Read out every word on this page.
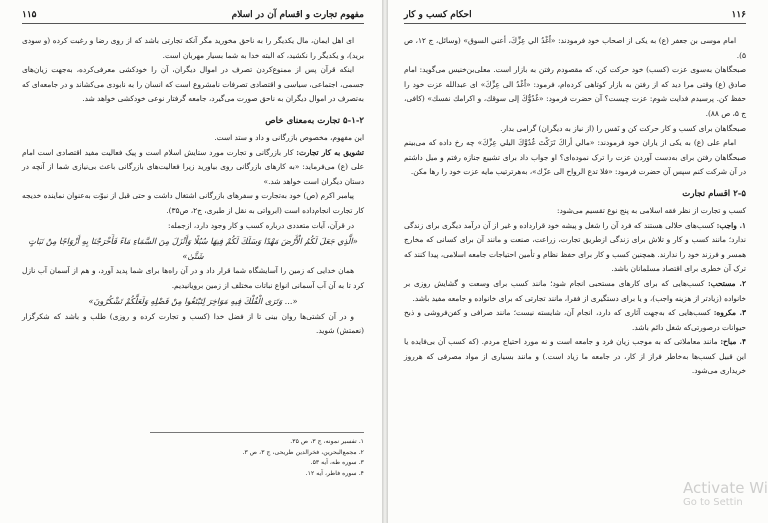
مفهوم تجارت و اقسام آن در اسلام
۱۱۵

ای اهل ایمان، مال یکدیگر را به ناحق مخورید مگر آنکه تجارتی باشد که از روی رضا و رغبت کرده (و سودی برید)، و یکدیگر را نکشید، که البته خدا به شما بسیار مهربان است.

اینکه قرآن پس از ممنوع‌کردن تصرف در اموال دیگران، آن را خودکشی معرفی‌کرده، به‌جهت زیان‌های جسمی، اجتماعی، سیاسی و اقتصادی تصرفات نامشروع است که انسان را به نابودی می‌کشاند و در جامعه‌ای که به‌تصرف در اموال دیگران به ناحق صورت می‌گیرد، جامعه گرفتار نوعی خودکشی خواهد شد.

۵-۱-۲ تجارت به‌معنای خاص

این مفهوم، مخصوص بازرگانی و داد و ستد است.

تشویق به کار تجارت: کار بازرگانی و تجارت مورد ستایش اسلام است و پیک فعالیت مفید اقتصادی است امام علی (ع) می‌فرماید: «به کارهای بازرگانی روی بیاورید زیرا فعالیت‌های بازرگانی باعث بی‌نیازی شما از آنچه در دستان دیگران است خواهد شد.»

پیامبر اکرم (ص) خود به‌تجارت و سفرهای بازرگانی اشتغال داشت و حتی قبل از نبوّت به‌عنوان نماینده خدیجه کار تجارت انجام‌داده است (ابرواتی به نقل از طبری، ج۲، ص۳۵).

در قرآن، آیات متعددی درباره کسب و کار وجود دارد، ازجمله:

«الَّذِي جَعَلَ لَكُمُ الْأَرْضَ مَهْدًا وَسَلَكَ لَكُمْ فِيهَا سُبُلًا وَأَنْزَلَ مِنَ السَّمَاءِ مَاءً فَأَخْرَجْنَا بِهِ أَزْوَاجًا مِنْ نَبَاتٍ شَتَّىٰ»

همان خدایی که زمین را آسایشگاه شما قرار داد و در آن راه‌ها برای شما پدید آورد، و هم از آسمان آب نازل کرد تا به آن آب آسمانی انواع نباتات مختلف از زمین برویانیدیم.

«... وَتَرَى الْفُلْكَ فِيهِ مَوَاخِرَ لِتَبْتَغُوا مِنْ فَضْلِهِ وَلَعَلَّكُمْ تَشْكُرُونَ»

و در آن کشتی‌ها روان بینی تا از فضل خدا (کسب و تجارت کرده و روزی) طلب و باشد که شکرگزار (نعمتش) شوید.

۱. تفسیر نمونه، ج ۳، ص ۳۵.

۲. مجمع‌البحرین، فخرالدین طریحی، ج ۳، ص ۳.

۳. سوره طه، آیه ۵۳.

۴. سوره فاطر، آیه ۱۲.

۱۱۶
احکام کسب و کار

امام موسی بن جعفر (ع) به یکی از اصحاب خود فرمودند: «اُغْدُ الي عِزِّكَ، أعني السوق» (وسائل، ج ۱۲، ص ۵).

صبحگاهان به‌سوی عزت (کسب) خود حرکت کن، که مقصودم رفتن به بازار است. معلی‌بن‌خنیس می‌گوید: امام صادق (ع) وقتی مرا دید که از رفتن به بازار کوتاهی کرده‌ام، فرمود: «اُغْدُ الی عِزِّكَ» ای عبدالله عزت خود را حفظ کن. پرسیدم فدایت شوم: عزت چیست؟ آن حضرت فرمود: «غُدُوُّكَ إلى سوقك، و اكرامك نفسك» (کافی، ج ۵، ص ۸۸).

صبحگاهان برای کسب و کار حرکت کن و نَفس را (از نیاز به دیگران) گرامی بدار.

امام علی (ع) به یکی از یاران خود فرمودند: «مالي أراكَ تَرَكْتَ غُدُوَّكَ اليلي عِزِّكَ» چه رخ داده که می‌بینم صبحگاهان رفتن برای به‌دست آوردن عزت را ترک نموده‌ای؟ او جواب داد برای تشییع جنازه رفتم و میل داشتم در آن شرکت کنم سپس آن حضرت فرمود: «فلا تدع الرواح الی عزّك»، به‌هرترتیب مایه عزت خود را رها مکن.

۲-۵ اقسام تجارت

کسب و تجارت از نظر فقه اسلامی به پنج نوع تقسیم می‌شود:

۱. واجب: کسب‌های حلالی هستند که فرد آن را شغل و پیشه خود قرارداده و غیر از آن درآمد دیگری برای زندگی ندارد؛ مانند کسب و کار و تلاش برای زندگی ازطریق تجارت، زراعت، صنعت و مانند آن برای کسانی که مخارج همسر و فرزند خود را ندارند. همچنین کسب و کار برای حفظ نظام و تأمین احتیاجات جامعه اسلامی، پیدا کنند که ترک آن خطری برای اقتصاد مسلمانان باشد.

۲. مستحب: کسب‌هایی که برای کارهای مستحبی انجام شود؛ مانند کسب برای وسعت و گشایش روزی بر خانواده (زیادتر از هزینه واجب)، و یا برای دستگیری از فقرا، مانند تجارتی که برای خانواده و جامعه مفید باشد.

۳. مکروه: کسب‌هایی که به‌جهت آثاری که دارد، انجام آن، شایسته نیست؛ مانند صرافی و کفن‌فروشی و ذبح حیوانات درصورتی‌که شغل دائم باشد.

۴. مباح: مانند معاملاتی که به موجب زیان فرد و جامعه است و نه مورد احتیاج مردم. (که کسب آن بی‌فایده یا این قبیل کسب‌ها به‌خاطر فراز از کار، در جامعه ما زیاد است.) و مانند بسیاری از مواد مصرفی که هرروز خریداری می‌شود.

Activate Wi
Go to Settin
